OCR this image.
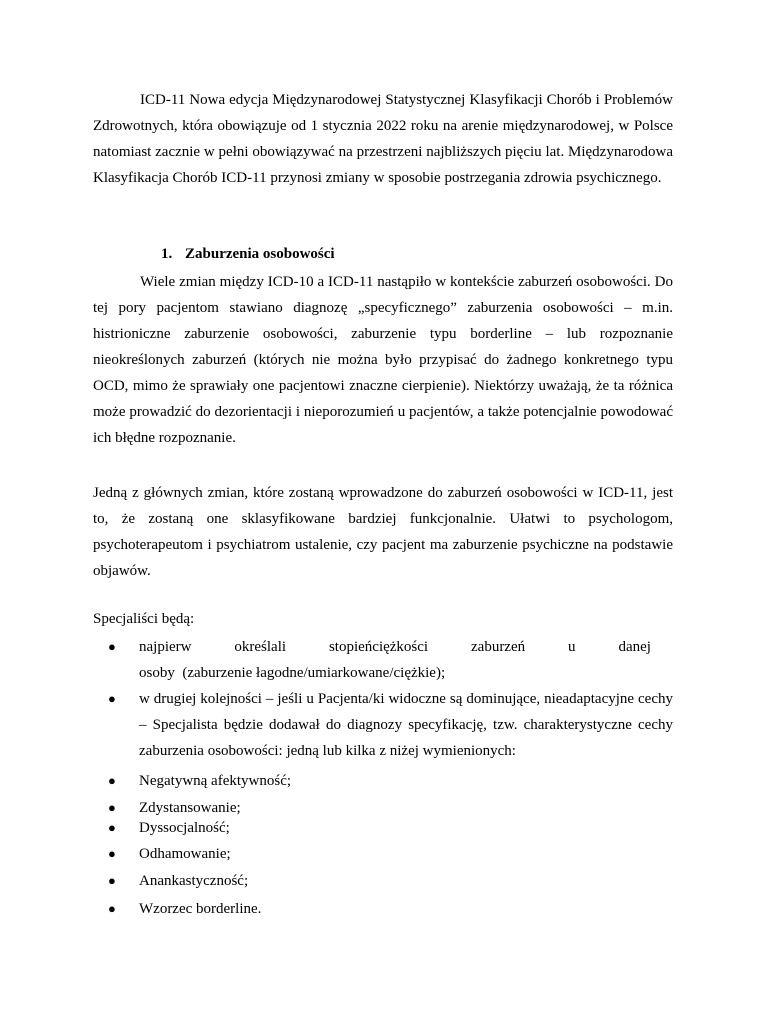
ICD-11 Nowa edycja Międzynarodowej Statystycznej Klasyfikacji Chorób i Problemów Zdrowotnych, która obowiązuje od 1 stycznia 2022 roku na arenie międzynarodowej, w Polsce natomiast zacznie w pełni obowiązywać na przestrzeni najbliższych pięciu lat. Międzynarodowa Klasyfikacja Chorób ICD-11 przynosi zmiany w sposobie postrzegania zdrowia psychicznego.

1. Zaburzenia osobowości

Wiele zmian między ICD-10 a ICD-11 nastąpiło w kontekście zaburzeń osobowości. Do tej pory pacjentom stawiano diagnozę „specyficznego” zaburzenia osobowości – m.in. histrioniczne zaburzenie osobowości, zaburzenie typu borderline – lub rozpoznanie nieokreślonych zaburzeń (których nie można było przypisać do żadnego konkretnego typu OCD, mimo że sprawiały one pacjentowi znaczne cierpienie). Niektórzy uważają, że ta różnica może prowadzić do dezorientacji i nieporozumień u pacjentów, a także potencjalnie powodować ich błędne rozpoznanie.

Jedną z głównych zmian, które zostaną wprowadzone do zaburzeń osobowości w ICD-11, jest to, że zostaną one sklasyfikowane bardziej funkcjonalnie. Ułatwi to psychologom, psychoterapeutom i psychiatrom ustalenie, czy pacjent ma zaburzenie psychiczne na podstawie objawów.

Specjaliści będą:

●	najpierw	określali	stopieńciężkości	zaburzeń	u	danej
osoby  (zaburzenie łagodne/umiarkowane/ciężkie);
●	w drugiej kolejności – jeśli u Pacjenta/ki widoczne są dominujące, nieadaptacyjne cechy – Specjalista będzie dodawał do diagnozy specyfikację, tzw. charakterystyczne cechy zaburzenia osobowości: jedną lub kilka z niżej wymienionych:
●	Negatywną afektywność;
●	Zdystansowanie;
●	Dyssocjalność;
●	Odhamowanie;
●	Anankastyczność;
●	Wzorzec borderline.
